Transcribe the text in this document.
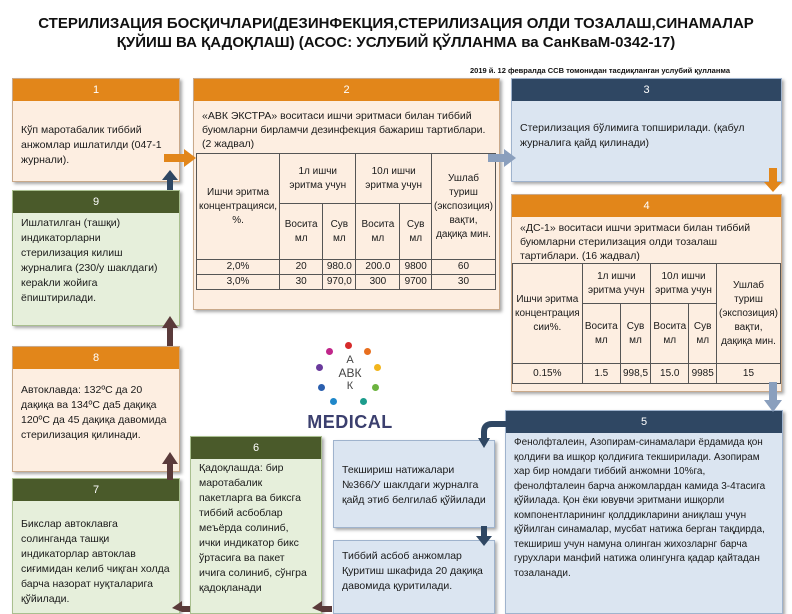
СТЕРИЛИЗАЦИЯ БОСҚИЧЛАРИ(ДЕЗИНФЕКЦИЯ,СТЕРИЛИЗАЦИЯ ОЛДИ ТОЗАЛАШ,СИНАМАЛАР ҚУЙИШ ВА ҚАДОҚЛАШ) (АСОС: УСЛУБИЙ ҚЎЛЛАНМА ва СанКваМ-0342-17)
2019 й. 12 февралда ССВ томонидан тасдиқланган услубий қулланма
1
Кўп маротабалик тиббий анжомлар ишлатилди (047-1 журнали).
2
«АВК ЭКСТРА» воситаси ишчи эритмаси билан тиббий буюмларни бирламчи дезинфекция бажариш тартиблари. (2 жадвал)
Ишчи эритма концентрацияси, %.	1л ишчи эритма учун		10л ишчи эритма учун		Ушлаб туриш (экспозиция) вақти, дақиқа мин.
	Восита мл	Сув мл	Восита мл	Сув мл	
2,0%	20	980.0	200.0	9800	60
3,0%	30	970,0	300	9700	30
3
Стерилизация бўлимига топширилади. (қабул журналига қайд қилинади)
4
«ДС-1» воситаси ишчи эритмаси билан тиббий буюмларни стерилизация олди тозалаш тартиблари. (16 жадвал)
Ишчи эритма концентрация сии%.	1л ишчи эритма учун		10л ишчи эритма учун		Ушлаб туриш (экспозиция) вақти, дақиқа мин.
	Восита мл	Сув мл	Восита мл	Сув мл	
0.15%	1.5	998,5	15.0	9985	15
5
Фенолфталеин, Азопирам-синамалари ёрдамида қон қолдиғи ва ишқор қолдиғига текширилади. Азопирам хар бир номдаги тиббий анжомни 10%га, фенолфталеин барча анжомлардан камида 3-4тасига қўйилада. Қон ёки ювувчи эритмани ишқорли компонентларининг қолддикларини аниқлаш учун қўйилган синамалар, мусбат натижа берган тақдирда, текшириш учун намуна олинган жихозларнг барча гурухлари манфий натижа олингунга қадар қайтадан тозаланади.
Текшириш натижалари №366/У шаклдаги журналга қайд этиб белгилаб қўйилади
Тиббий асбоб анжомлар Қуритиш шкафида 20 дақиқа давомида қуритилади.
6
Қадоқлашда: бир маротабалик пакетларга ва биксга тиббий асбоблар меъёрда солиниб, ички индикатор бикс ўртасига ва пакет ичига солиниб, сўнгра қадоқланади
7
Бикслар автоклавга солинганда ташқи индикаторлар автоклав сиғимидан келиб чиқган холда барча назорат нуқталарига қўйилади.
8
Автоклавда: 132ºС да 20 дақиқа ва 134ºС да5 дақиқа 120ºС да 45 дақиқа давомида стерилизация қилинади.
9
Ишлатилган (ташқи) индикаторларни стерилизация килиш журналига (230/у шаклдаги) кераkли жойига ёпиштирилади.
А
АВК
К
MEDICAL
